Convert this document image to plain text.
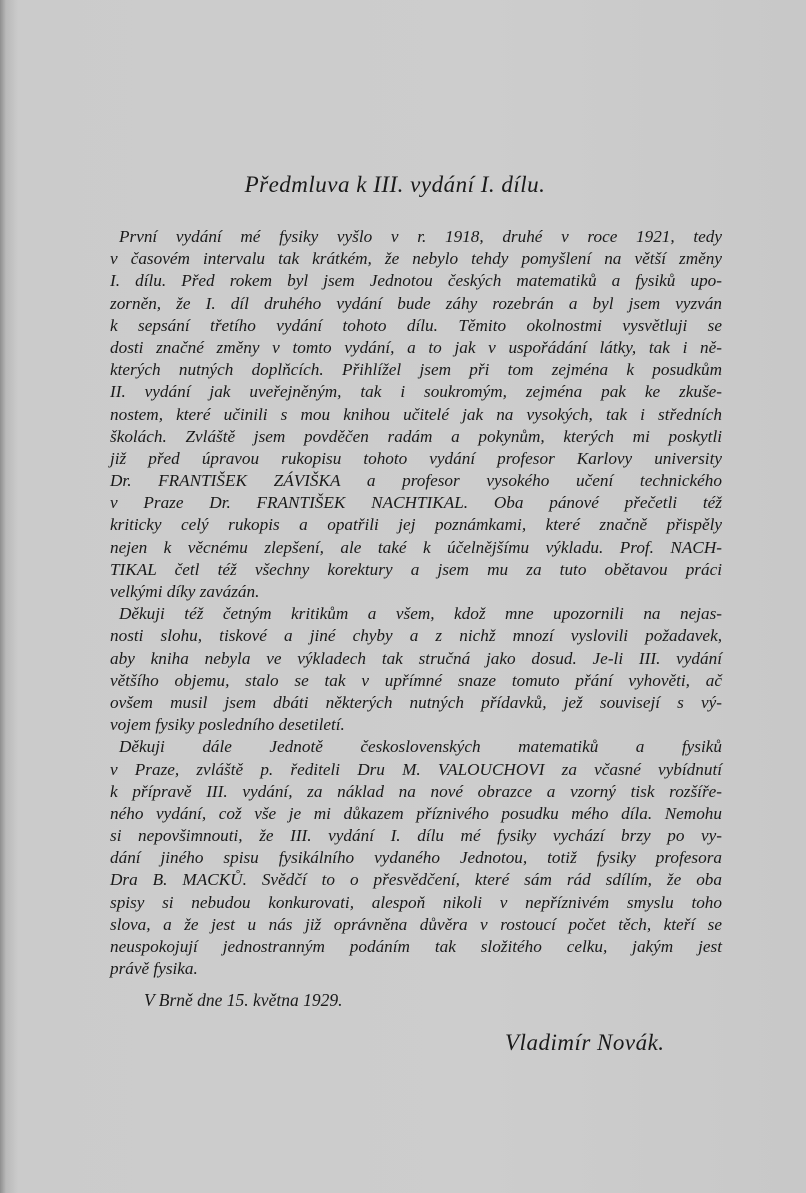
Předmluva k III. vydání I. dílu.
První vydání mé fysiky vyšlo v r. 1918, druhé v roce 1921, tedy
v časovém intervalu tak krátkém, že nebylo tehdy pomyšlení na větší změny
I. dílu. Před rokem byl jsem Jednotou českých matematiků a fysiků upo-
zorněn, že I. díl druhého vydání bude záhy rozebrán a byl jsem vyzván
k sepsání třetího vydání tohoto dílu. Těmito okolnostmi vysvětluji se
dosti značné změny v tomto vydání, a to jak v uspořádání látky, tak i ně-
kterých nutných doplňcích. Přihlížel jsem při tom zejména k posudkům
II. vydání jak uveřejněným, tak i soukromým, zejména pak ke zkuše-
nostem, které učinili s mou knihou učitelé jak na vysokých, tak i středních
školách. Zvláště jsem povděčen radám a pokynům, kterých mi poskytli
již před úpravou rukopisu tohoto vydání profesor Karlovy university
Dr. FRANTIŠEK ZÁVIŠKA a profesor vysokého učení technického
v Praze Dr. FRANTIŠEK NACHTIKAL. Oba pánové přečetli též
kriticky celý rukopis a opatřili jej poznámkami, které značně přispěly
nejen k věcnému zlepšení, ale také k účelnějšímu výkladu. Prof. NACH-
TIKAL četl též všechny korektury a jsem mu za tuto obětavou práci
velkými díky zavázán.
Děkuji též četným kritikům a všem, kdož mne upozornili na nejas-
nosti slohu, tiskové a jiné chyby a z nichž mnozí vyslovili požadavek,
aby kniha nebyla ve výkladech tak stručná jako dosud. Je-li III. vydání
většího objemu, stalo se tak v upřímné snaze tomuto přání vyhověti, ač
ovšem musil jsem dbáti některých nutných přídavků, jež souvisejí s vý-
vojem fysiky posledního desetiletí.
Děkuji dále Jednotě československých matematiků a fysiků
v Praze, zvláště p. řediteli Dru M. VALOUCHOVI za včasné vybídnutí
k přípravě III. vydání, za náklad na nové obrazce a vzorný tisk rozšíře-
ného vydání, což vše je mi důkazem příznivého posudku mého díla. Nemohu
si nepovšimnouti, že III. vydání I. dílu mé fysiky vychází brzy po vy-
dání jiného spisu fysikálního vydaného Jednotou, totiž fysiky profesora
Dra B. MACKŮ. Svědčí to o přesvědčení, které sám rád sdílím, že oba
spisy si nebudou konkurovati, alespoň nikoli v nepříznivém smyslu toho
slova, a že jest u nás již oprávněna důvěra v rostoucí počet těch, kteří se
neuspokojují jednostranným podáním tak složitého celku, jakým jest
právě fysika.
V Brně dne 15. května 1929.
Vladimír Novák.
